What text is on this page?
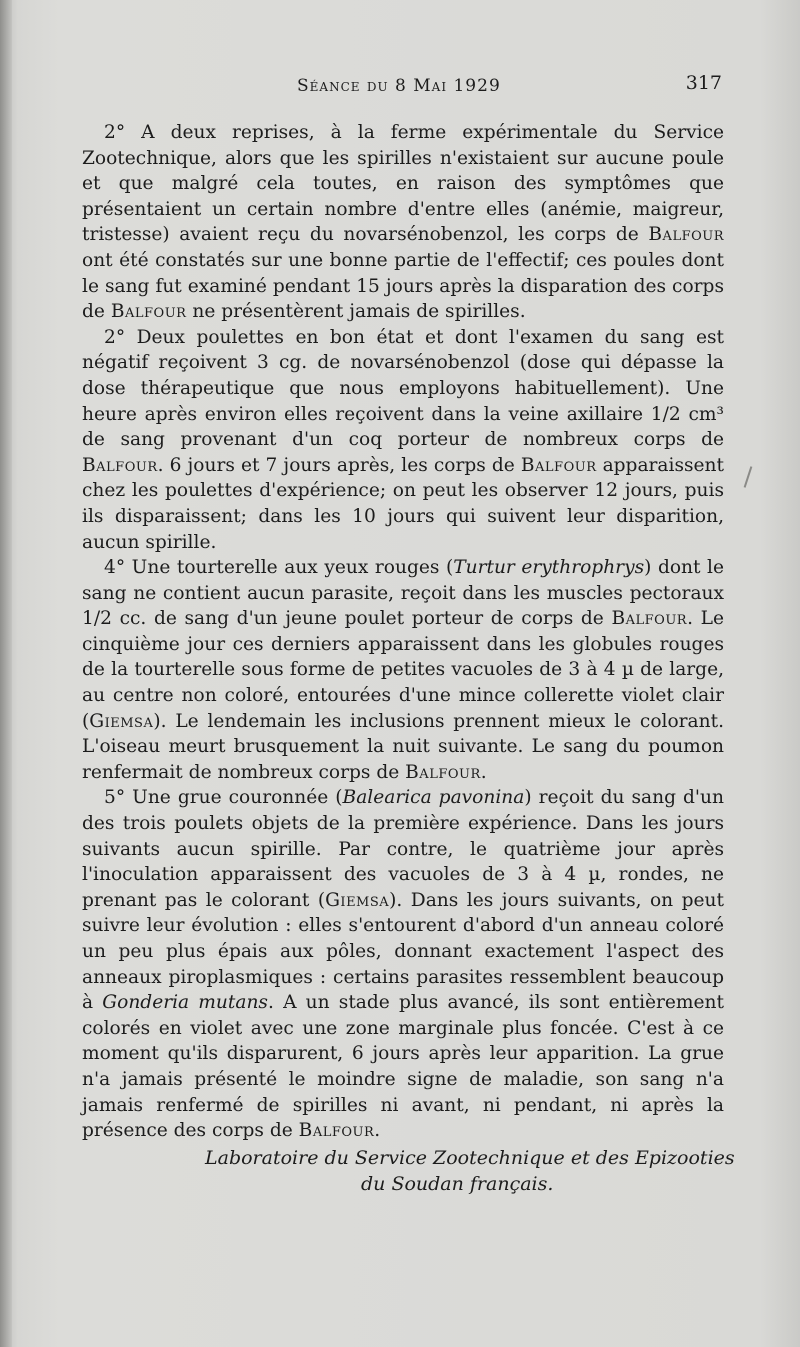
Séance du 8 Mai 1929	317

2° A deux reprises, à la ferme expérimentale du Service Zootechnique, alors que les spirilles n'existaient sur aucune poule et que malgré cela toutes, en raison des symptômes que présentaient un certain nombre d'entre elles (anémie, maigreur, tristesse) avaient reçu du novarsénobenzol, les corps de Balfour ont été constatés sur une bonne partie de l'effectif; ces poules dont le sang fut examiné pendant 15 jours après la disparation des corps de Balfour ne présentèrent jamais de spirilles.

2° Deux poulettes en bon état et dont l'examen du sang est négatif reçoivent 3 cg. de novarsénobenzol (dose qui dépasse la dose thérapeutique que nous employons habituellement). Une heure après environ elles reçoivent dans la veine axillaire 1/2 cm³ de sang provenant d'un coq porteur de nombreux corps de Balfour. 6 jours et 7 jours après, les corps de Balfour apparaissent chez les poulettes d'expérience; on peut les observer 12 jours, puis ils disparaissent; dans les 10 jours qui suivent leur disparition, aucun spirille.

4° Une tourterelle aux yeux rouges (Turtur erythrophrys) dont le sang ne contient aucun parasite, reçoit dans les muscles pectoraux 1/2 cc. de sang d'un jeune poulet porteur de corps de Balfour. Le cinquième jour ces derniers apparaissent dans les globules rouges de la tourterelle sous forme de petites vacuoles de 3 à 4 µ de large, au centre non coloré, entourées d'une mince collerette violet clair (Giemsa). Le lendemain les inclusions prennent mieux le colorant. L'oiseau meurt brusquement la nuit suivante. Le sang du poumon renfermait de nombreux corps de Balfour.

5° Une grue couronnée (Balearica pavonina) reçoit du sang d'un des trois poulets objets de la première expérience. Dans les jours suivants aucun spirille. Par contre, le quatrième jour après l'inoculation apparaissent des vacuoles de 3 à 4 µ, rondes, ne prenant pas le colorant (Giemsa). Dans les jours suivants, on peut suivre leur évolution : elles s'entourent d'abord d'un anneau coloré un peu plus épais aux pôles, donnant exactement l'aspect des anneaux piroplasmiques : certains parasites ressemblent beaucoup à Gonderia mutans. A un stade plus avancé, ils sont entièrement colorés en violet avec une zone marginale plus foncée. C'est à ce moment qu'ils disparurent, 6 jours après leur apparition. La grue n'a jamais présenté le moindre signe de maladie, son sang n'a jamais renfermé de spirilles ni avant, ni pendant, ni après la présence des corps de Balfour.

Laboratoire du Service Zootechnique et des Epizooties
du Soudan français.
